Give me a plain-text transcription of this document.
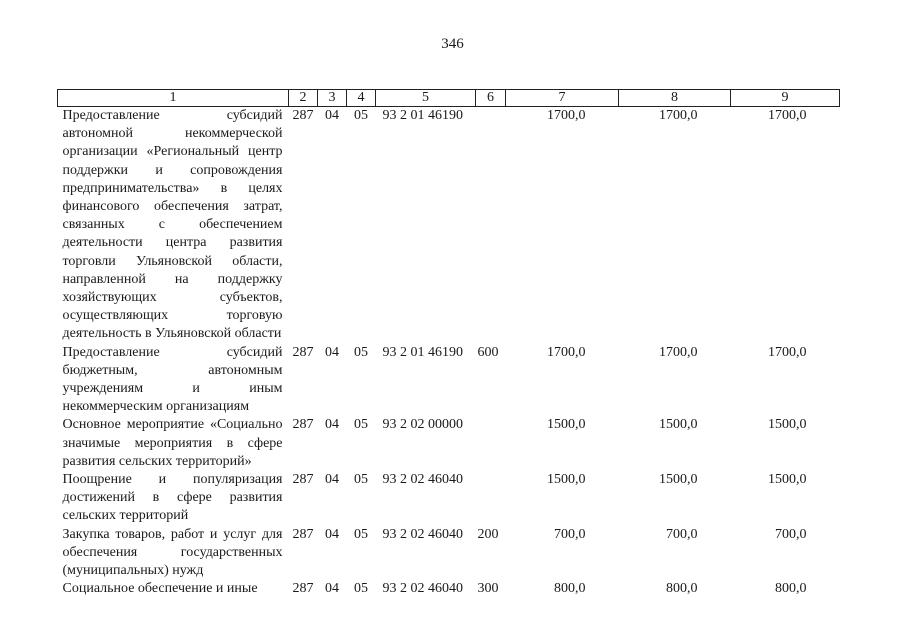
346
1	2	3	4	5	6	7	8	9
Предоставление субсидий автономной некоммерческой организации «Региональный центр поддержки и сопровождения предпринимательства» в целях финансового обеспечения затрат, связанных с обеспечением деятельности центра развития торговли Ульяновской области, направленной на поддержку хозяйствующих субъектов, осуществляющих торговую деятельность в Ульяновской области	287	04	05	93 2 01 46190		1700,0	1700,0	1700,0
Предоставление субсидий бюджетным, автономным учреждениям и иным некоммерческим организациям	287	04	05	93 2 01 46190	600	1700,0	1700,0	1700,0
Основное мероприятие «Социально значимые мероприятия в сфере развития сельских территорий»	287	04	05	93 2 02 00000		1500,0	1500,0	1500,0
Поощрение и популяризация достижений в сфере развития сельских территорий	287	04	05	93 2 02 46040		1500,0	1500,0	1500,0
Закупка товаров, работ и услуг для обеспечения государственных (муниципальных) нужд	287	04	05	93 2 02 46040	200	700,0	700,0	700,0
Социальное обеспечение и иные	287	04	05	93 2 02 46040	300	800,0	800,0	800,0
